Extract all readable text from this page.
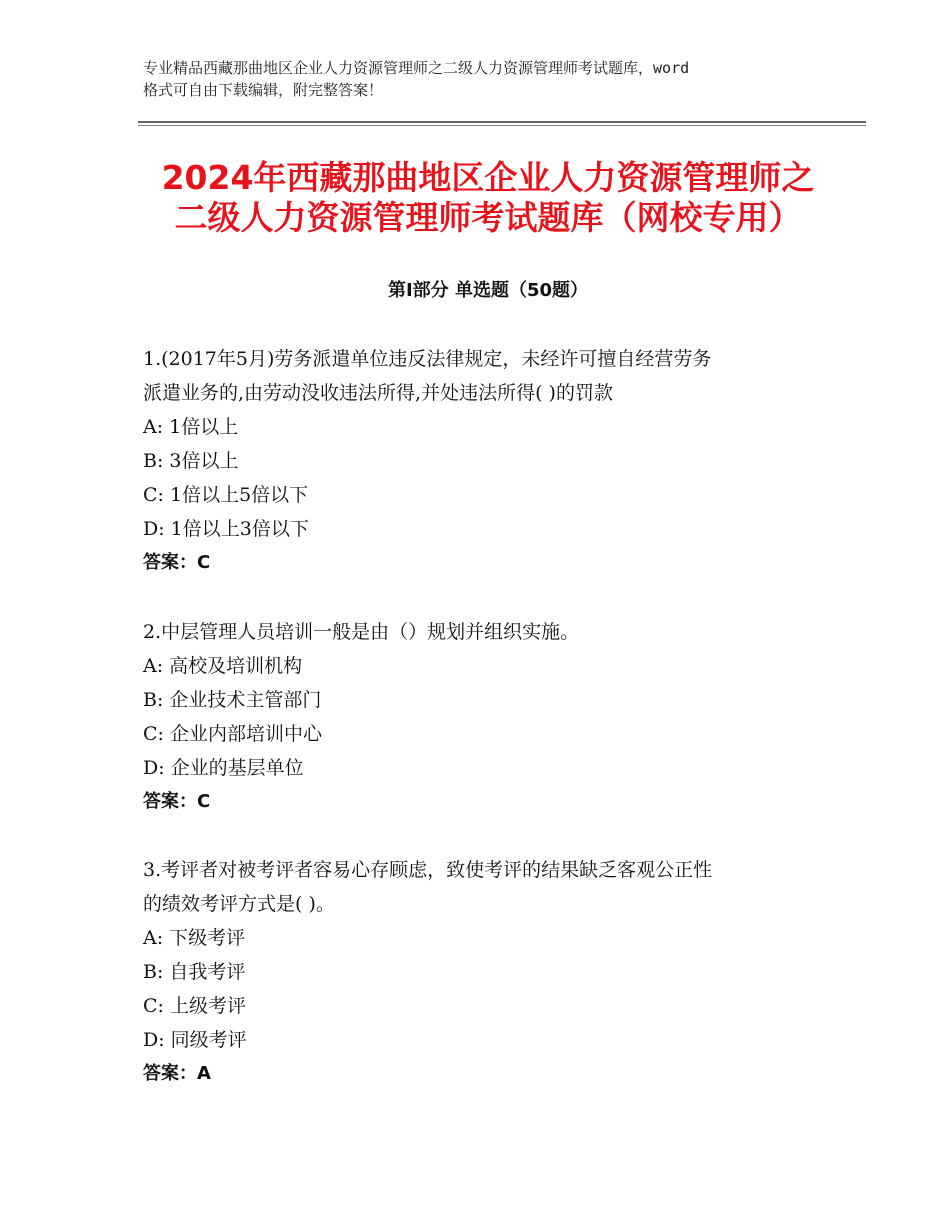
专业精品西藏那曲地区企业人力资源管理师之二级人力资源管理师考试题库，word
格式可自由下载编辑，附完整答案！
2024年西藏那曲地区企业人力资源管理师之
二级人力资源管理师考试题库（网校专用）
第Ⅰ部分 单选题（50题）
1.(2017年5月)劳务派遣单位违反法律规定，未经许可擅自经营劳务
派遣业务的,由劳动没收违法所得,并处违法所得( )的罚款
A: 1倍以上
B: 3倍以上
C: 1倍以上5倍以下
D: 1倍以上3倍以下
答案：C
2.中层管理人员培训一般是由（）规划并组织实施。
A: 高校及培训机构
B: 企业技术主管部门
C: 企业内部培训中心
D: 企业的基层单位
答案：C
3.考评者对被考评者容易心存顾虑，致使考评的结果缺乏客观公正性
的绩效考评方式是( )。
A: 下级考评
B: 自我考评
C: 上级考评
D: 同级考评
答案：A
